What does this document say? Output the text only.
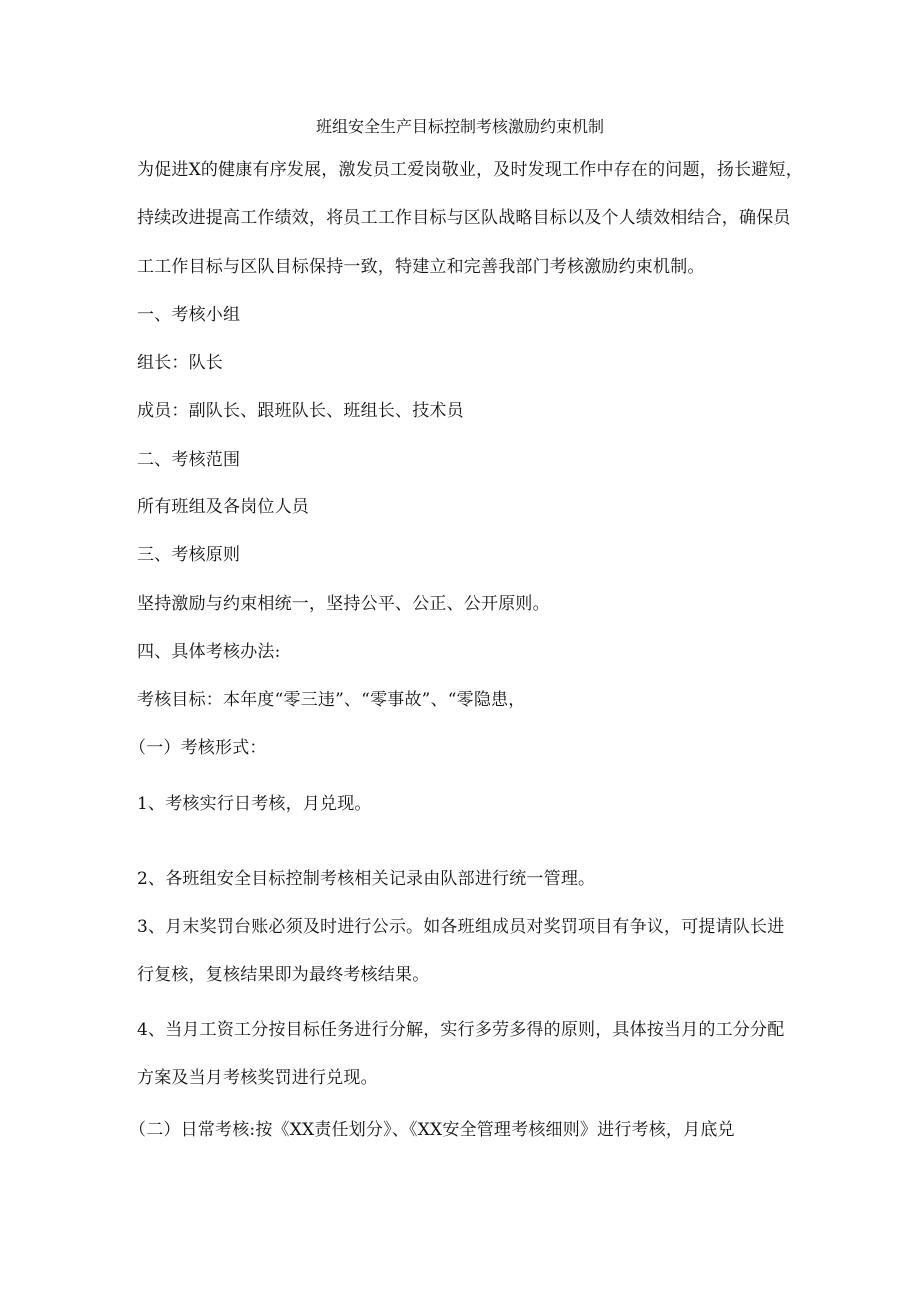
班组安全生产目标控制考核激励约束机制
为促进X的健康有序发展，激发员工爱岗敬业，及时发现工作中存在的问题，扬长避短，
持续改进提高工作绩效，将员工工作目标与区队战略目标以及个人绩效相结合，确保员
工工作目标与区队目标保持一致，特建立和完善我部门考核激励约束机制。
一、考核小组
组长：队长
成员：副队长、跟班队长、班组长、技术员
二、考核范围
所有班组及各岗位人员
三、考核原则
坚持激励与约束相统一，坚持公平、公正、公开原则。
四、具体考核办法:
考核目标：本年度“零三违”、“零事故”、“零隐患，
（一）考核形式：
1、考核实行日考核，月兑现。
2、各班组安全目标控制考核相关记录由队部进行统一管理。
3、月末奖罚台账必须及时进行公示。如各班组成员对奖罚项目有争议，可提请队长进
行复核，复核结果即为最终考核结果。
4、当月工资工分按目标任务进行分解，实行多劳多得的原则，具体按当月的工分分配
方案及当月考核奖罚进行兑现。
（二）日常考核:按《XX责任划分》、《XX安全管理考核细则》进行考核，月底兑
